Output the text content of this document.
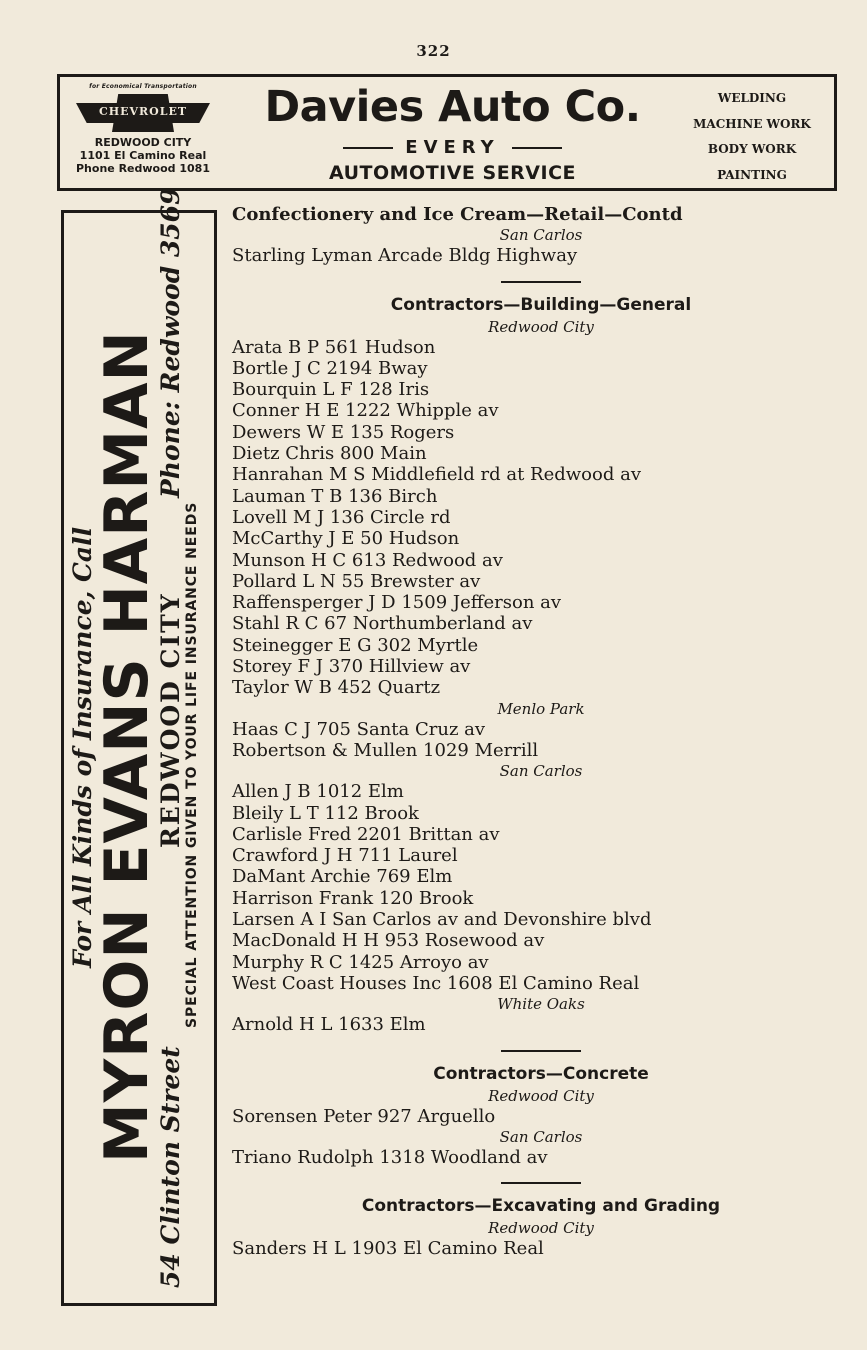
322
for Economical Transportation
CHEVROLET
REDWOOD CITY
1101 El Camino Real
Phone Redwood 1081
Davies Auto Co.
EVERY
AUTOMOTIVE SERVICE
WELDING
MACHINE WORK
BODY WORK
PAINTING
For All Kinds of Insurance, Call
MYRON EVANS HARMAN
54 Clinton Street
REDWOOD CITY
Phone: Redwood 3569
SPECIAL ATTENTION GIVEN TO YOUR LIFE INSURANCE NEEDS
Confectionery and Ice Cream—Retail—Contd
San Carlos
Starling Lyman Arcade Bldg Highway
Contractors—Building—General
Redwood City
Arata B P 561 Hudson
Bortle J C 2194 Bway
Bourquin L F 128 Iris
Conner H E 1222 Whipple av
Dewers W E 135 Rogers
Dietz Chris 800 Main
Hanrahan M S Middlefield rd at Redwood av
Lauman T B 136 Birch
Lovell M J 136 Circle rd
McCarthy J E 50 Hudson
Munson H C 613 Redwood av
Pollard L N 55 Brewster av
Raffensperger J D 1509 Jefferson av
Stahl R C 67 Northumberland av
Steinegger E G 302 Myrtle
Storey F J 370 Hillview av
Taylor W B 452 Quartz
Menlo Park
Haas C J 705 Santa Cruz av
Robertson & Mullen 1029 Merrill
San Carlos
Allen J B 1012 Elm
Bleily L T 112 Brook
Carlisle Fred 2201 Brittan av
Crawford J H 711 Laurel
DaMant Archie 769 Elm
Harrison Frank 120 Brook
Larsen A I San Carlos av and Devonshire blvd
MacDonald H H 953 Rosewood av
Murphy R C 1425 Arroyo av
West Coast Houses Inc 1608 El Camino Real
White Oaks
Arnold H L 1633 Elm
Contractors—Concrete
Redwood City
Sorensen Peter 927 Arguello
San Carlos
Triano Rudolph 1318 Woodland av
Contractors—Excavating and Grading
Redwood City
Sanders H L 1903 El Camino Real
